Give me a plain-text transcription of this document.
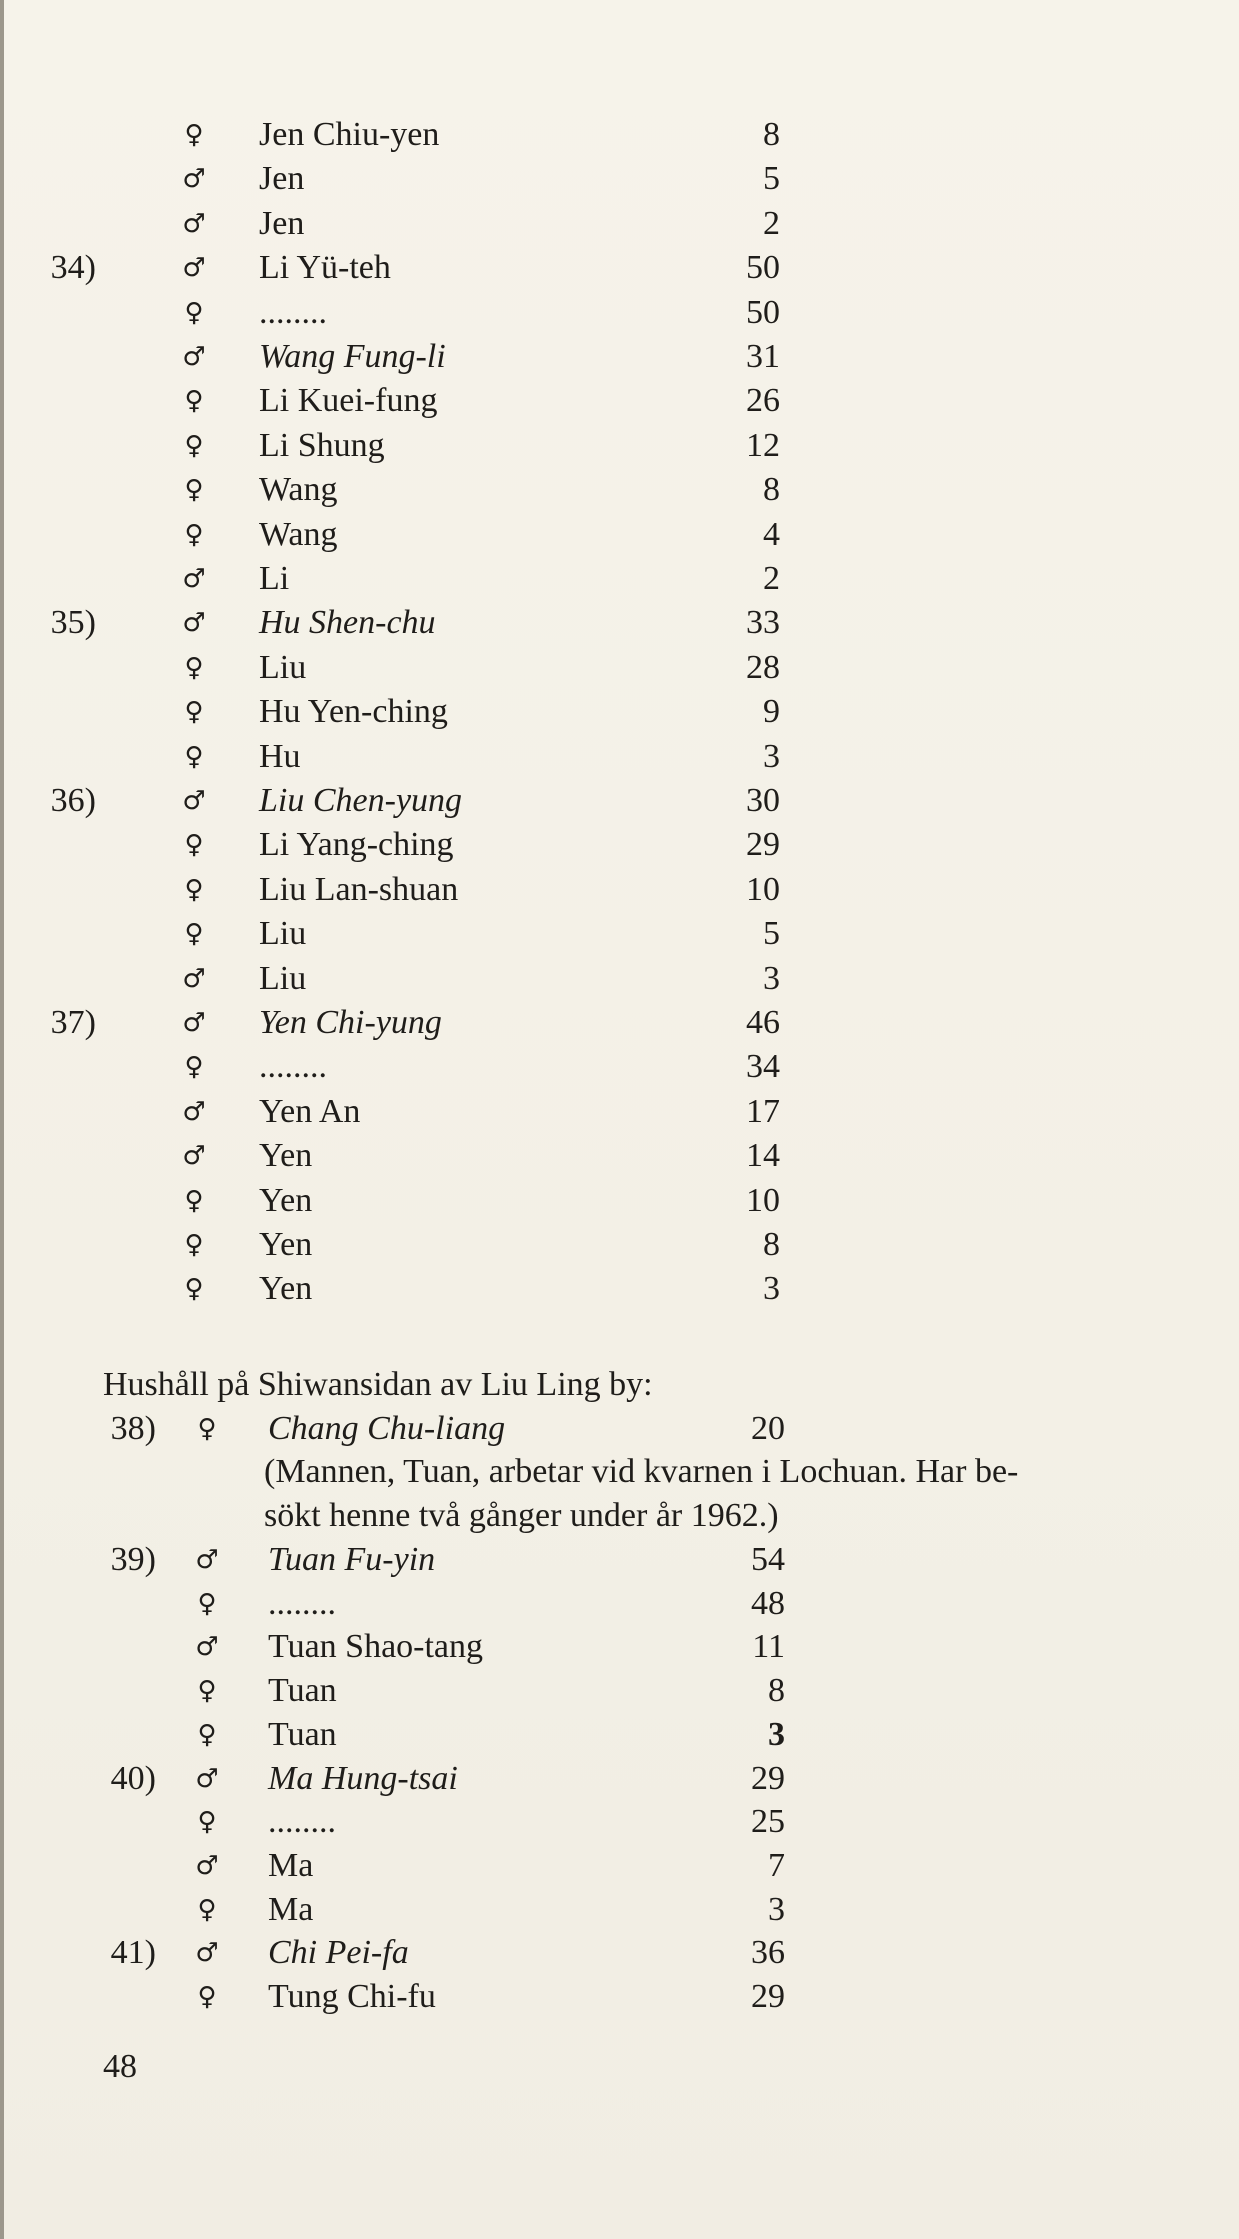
♀ Jen Chiu-yen	8
♂ Jen	5
♂ Jen	2
34)	♂ Li Yü-teh	50
♀ ........	50
♂ Wang Fung-li	31
♀ Li Kuei-fung	26
♀ Li Shung	12
♀ Wang	8
♀ Wang	4
♂ Li	2
35)	♂ Hu Shen-chu	33
♀ Liu	28
♀ Hu Yen-ching	9
♀ Hu	3
36)	♂ Liu Chen-yung	30
♀ Li Yang-ching	29
♀ Liu Lan-shuan	10
♀ Liu	5
♂ Liu	3
37)	♂ Yen Chi-yung	46
♀ ........	34
♂ Yen An	17
♂ Yen	14
♀ Yen	10
♀ Yen	8
♀ Yen	3
Hushåll på Shiwansidan av Liu Ling by:
38) ♀ Chang Chu-liang	20
(Mannen, Tuan, arbetar vid kvarnen i Lochuan. Har be-
sökt henne två gånger under år 1962.)
39) ♂ Tuan Fu-yin	54
♀ ........	48
♂ Tuan Shao-tang	11
♀ Tuan	8
♀ Tuan	3
40) ♂ Ma Hung-tsai	29
♀ ........	25
♂ Ma	7
♀ Ma	3
41) ♂ Chi Pei-fa	36
♀ Tung Chi-fu	29
48
